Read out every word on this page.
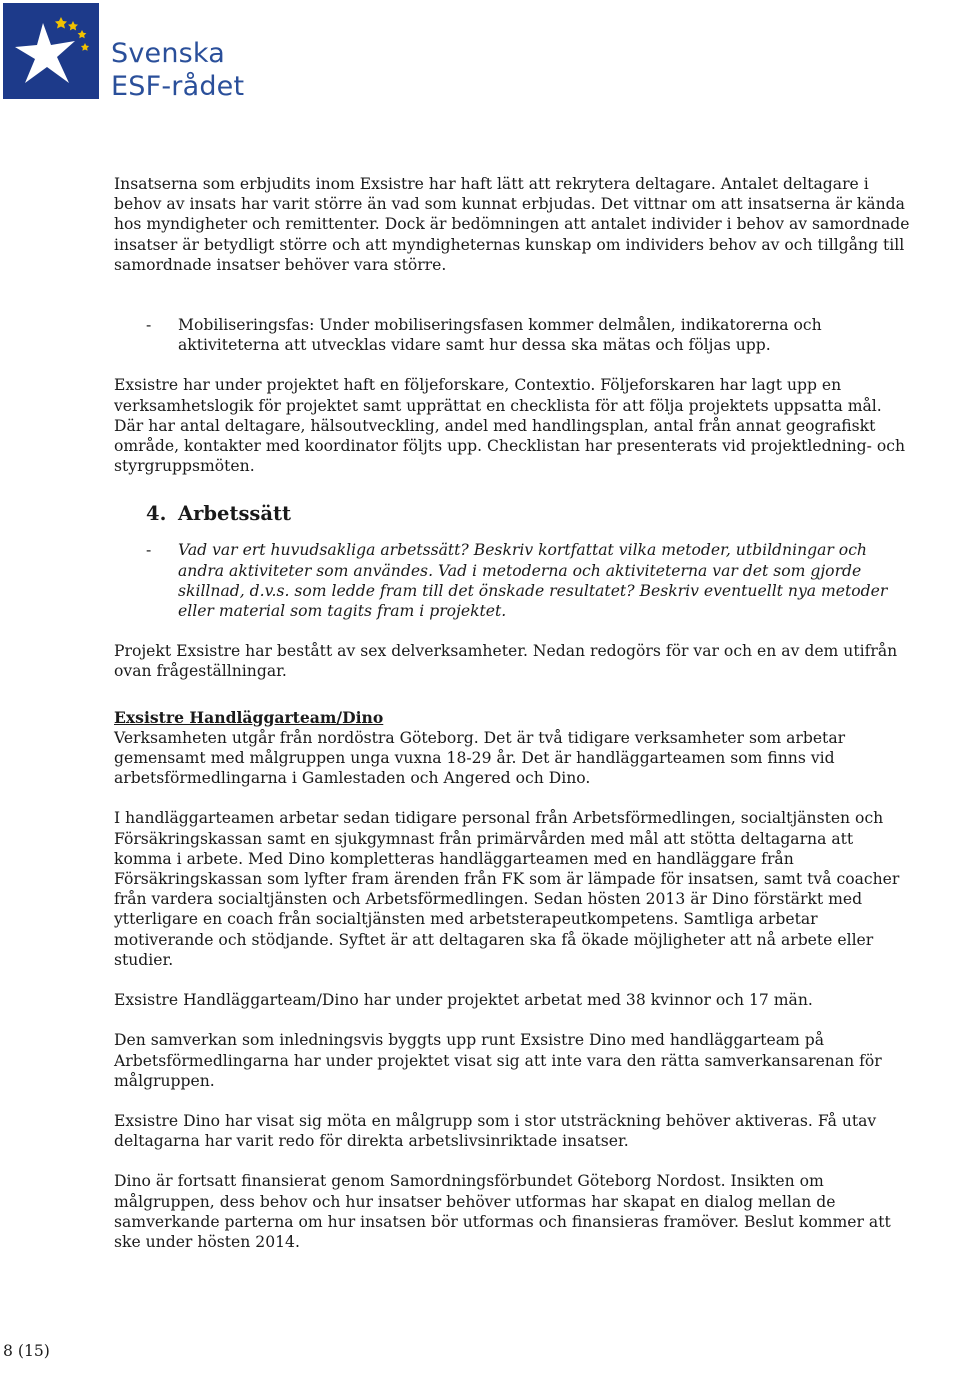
Svenska
ESF-rådet

Insatserna som erbjudits inom Exsistre har haft lätt att rekrytera deltagare. Antalet deltagare i behov av insats har varit större än vad som kunnat erbjudas. Det vittnar om att insatserna är kända hos myndigheter och remittenter. Dock är bedömningen att antalet individer i behov av samordnade insatser är betydligt större och att myndigheternas kunskap om individers behov av och tillgång till samordnade insatser behöver vara större.

-	Mobiliseringsfas: Under mobiliseringsfasen kommer delmålen, indikatorerna och aktiviteterna att utvecklas vidare samt hur dessa ska mätas och följas upp.

Exsistre har under projektet haft en följeforskare, Contextio. Följeforskaren har lagt upp en verksamhetslogik för projektet samt upprättat en checklista för att följa projektets uppsatta mål. Där har antal deltagare, hälsoutveckling, andel med handlingsplan, antal från annat geografiskt område, kontakter med koordinator följts upp. Checklistan har presenterats vid projektledning- och styrgruppsmöten.

4. Arbetssätt
-	Vad var ert huvudsakliga arbetssätt? Beskriv kortfattat vilka metoder, utbildningar och andra aktiviteter som användes. Vad i metoderna och aktiviteterna var det som gjorde skillnad, d.v.s. som ledde fram till det önskade resultatet? Beskriv eventuellt nya metoder eller material som tagits fram i projektet.

Projekt Exsistre har bestått av sex delverksamheter. Nedan redogörs för var och en av dem utifrån ovan frågeställningar.

Exsistre Handläggarteam/Dino
Verksamheten utgår från nordöstra Göteborg. Det är två tidigare verksamheter som arbetar gemensamt med målgruppen unga vuxna 18-29 år. Det är handläggarteamen som finns vid arbetsförmedlingarna i Gamlestaden och Angered och Dino.

I handläggarteamen arbetar sedan tidigare personal från Arbetsförmedlingen, socialtjänsten och Försäkringskassan samt en sjukgymnast från primärvården med mål att stötta deltagarna att komma i arbete. Med Dino kompletteras handläggarteamen med en handläggare från Försäkringskassan som lyfter fram ärenden från FK som är lämpade för insatsen, samt två coacher från vardera socialtjänsten och Arbetsförmedlingen. Sedan hösten 2013 är Dino förstärkt med ytterligare en coach från socialtjänsten med arbetsterapeutkompetens. Samtliga arbetar motiverande och stödjande. Syftet är att deltagaren ska få ökade möjligheter att nå arbete eller studier.

Exsistre Handläggarteam/Dino har under projektet arbetat med 38 kvinnor och 17 män.

Den samverkan som inledningsvis byggts upp runt Exsistre Dino med handläggarteam på Arbetsförmedlingarna har under projektet visat sig att inte vara den rätta samverkansarenan för målgruppen.

Exsistre Dino har visat sig möta en målgrupp som i stor utsträckning behöver aktiveras. Få utav deltagarna har varit redo för direkta arbetslivsinriktade insatser.

Dino är fortsatt finansierat genom Samordningsförbundet Göteborg Nordost. Insikten om målgruppen, dess behov och hur insatser behöver utformas har skapat en dialog mellan de samverkande parterna om hur insatsen bör utformas och finansieras framöver. Beslut kommer att ske under hösten 2014.

8 (15)
